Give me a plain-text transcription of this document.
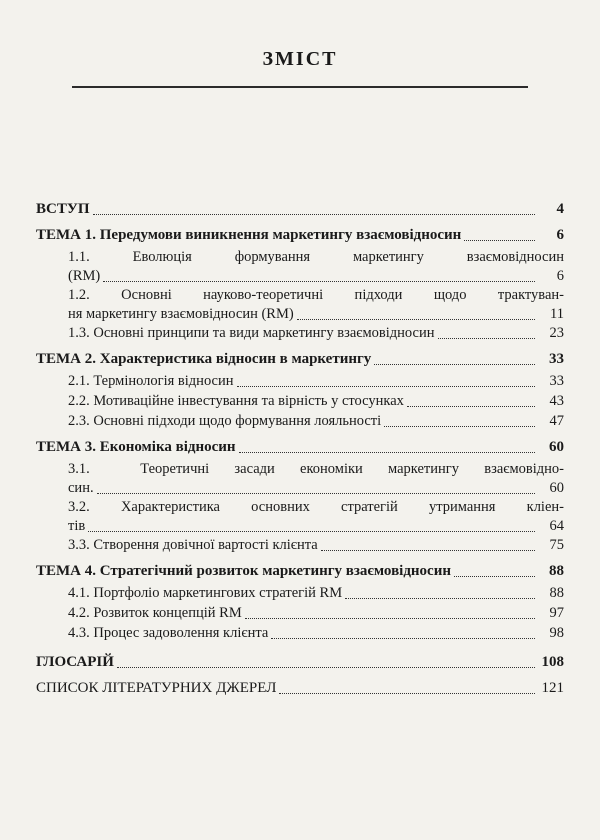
ЗМІСТ
ВСТУП	4
ТЕМА 1. Передумови виникнення маркетингу взаємовідносин	6
1.1.  Еволюція  формування  маркетингу  взаємовідносин
(RM)	6
1.2.  Основні  науково-теоретичні  підходи  щодо  трактуван-
ня маркетингу взаємовідносин (RM)	11
1.3. Основні принципи та види маркетингу взаємовідносин	23
ТЕМА 2. Характеристика відносин в маркетингу	33
2.1. Термінологія відносин	33
2.2. Мотиваційне інвестування та вірність у стосунках	43
2.3. Основні підходи щодо формування лояльності	47
ТЕМА 3. Економіка відносин	60
3.1.  Теоретичні засади економіки маркетингу взаємовідно-
син.	60
3.2.  Характеристика  основних  стратегій  утримання  кліен-
тів	64
3.3. Створення довічної вартості клієнта	75
ТЕМА 4. Стратегічний розвиток маркетингу взаємовідносин	88
4.1. Портфоліо маркетингових стратегій RM	88
4.2. Розвиток концепцій RM	97
4.3. Процес задоволення клієнта	98
ГЛОСАРІЙ	108
СПИСОК ЛІТЕРАТУРНИХ ДЖЕРЕЛ	121
